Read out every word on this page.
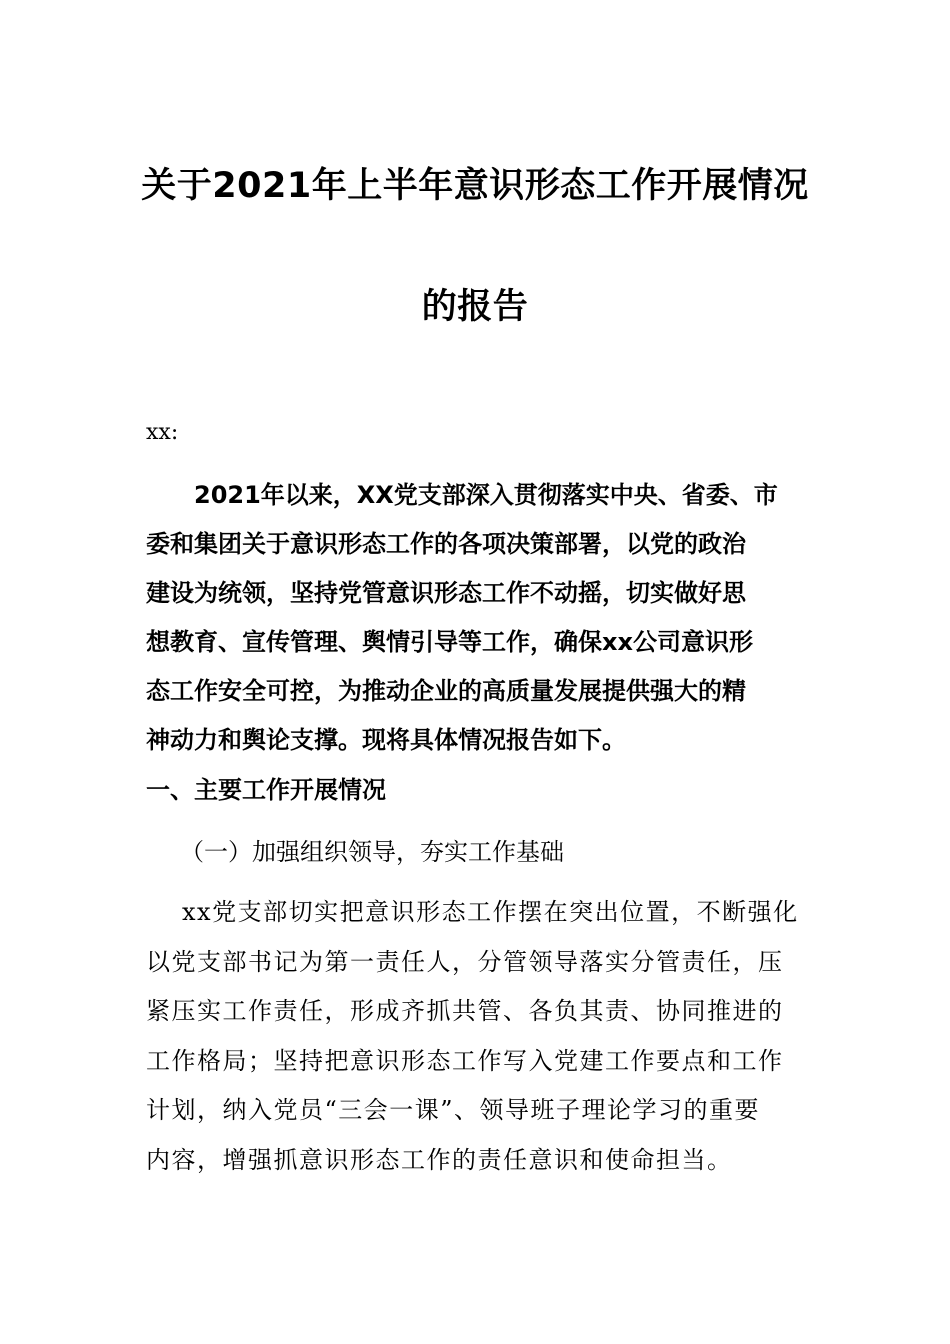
关于2021年上半年意识形态工作开展情况
的报告
xx:
2021年以来，XX党支部深入贯彻落实中央、省委、市
委和集团关于意识形态工作的各项决策部署，以党的政治
建设为统领，坚持党管意识形态工作不动摇，切实做好思
想教育、宣传管理、舆情引导等工作，确保xx公司意识形
态工作安全可控，为推动企业的高质量发展提供强大的精
神动力和舆论支撑。现将具体情况报告如下。
一、主要工作开展情况
（一）加强组织领导，夯实工作基础
xx党支部切实把意识形态工作摆在突出位置，不断强化
以党支部书记为第一责任人，分管领导落实分管责任，压
紧压实工作责任，形成齐抓共管、各负其责、协同推进的
工作格局；坚持把意识形态工作写入党建工作要点和工作
计划，纳入党员“三会一课”、领导班子理论学习的重要
内容，增强抓意识形态工作的责任意识和使命担当。
